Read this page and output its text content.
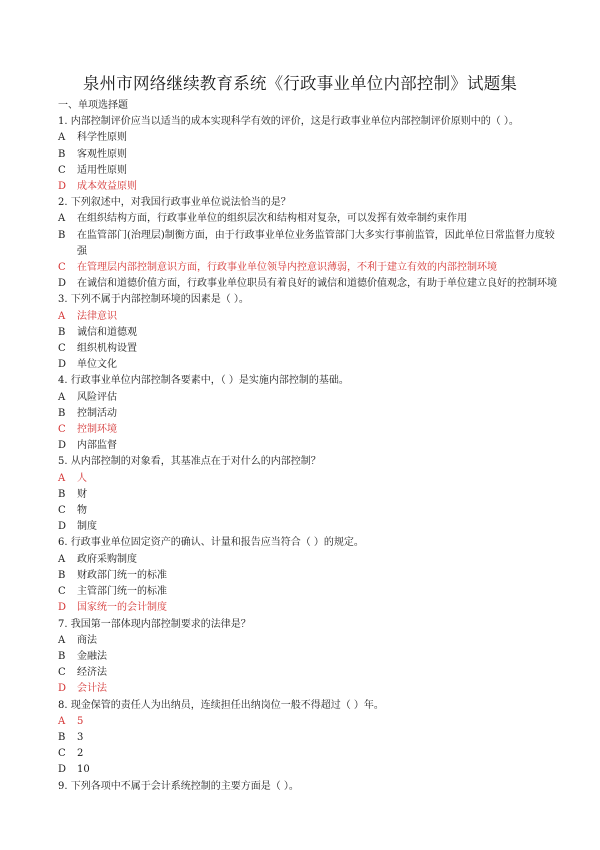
泉州市网络继续教育系统《行政事业单位内部控制》试题集
一、单项选择题
1. 内部控制评价应当以适当的成本实现科学有效的评价，这是行政事业单位内部控制评价原则中的（ ）。
A 科学性原则
B 客观性原则
C 适用性原则
D 成本效益原则
2. 下列叙述中，对我国行政事业单位说法恰当的是？
A 在组织结构方面，行政事业单位的组织层次和结构相对复杂，可以发挥有效牵制约束作用
B 在监管部门(治理层)制衡方面，由于行政事业单位业务监管部门大多实行事前监管，因此单位日常监督力度较强
C 在管理层内部控制意识方面，行政事业单位领导内控意识薄弱，不利于建立有效的内部控制环境
D 在诚信和道德价值方面，行政事业单位职员有着良好的诚信和道德价值观念，有助于单位建立良好的控制环境
3. 下列不属于内部控制环境的因素是（ ）。
A 法律意识
B 诚信和道德观
C 组织机构设置
D 单位文化
4. 行政事业单位内部控制各要素中，（ ）是实施内部控制的基础。
A 风险评估
B 控制活动
C 控制环境
D 内部监督
5. 从内部控制的对象看，其基准点在于对什么的内部控制？
A 人
B 财
C 物
D 制度
6. 行政事业单位固定资产的确认、计量和报告应当符合（ ）的规定。
A 政府采购制度
B 财政部门统一的标准
C 主管部门统一的标准
D 国家统一的会计制度
7. 我国第一部体现内部控制要求的法律是？
A 商法
B 金融法
C 经济法
D 会计法
8. 现金保管的责任人为出纳员，连续担任出纳岗位一般不得超过（ ）年。
A 5
B 3
C 2
D 10
9. 下列各项中不属于会计系统控制的主要方面是（ ）。
